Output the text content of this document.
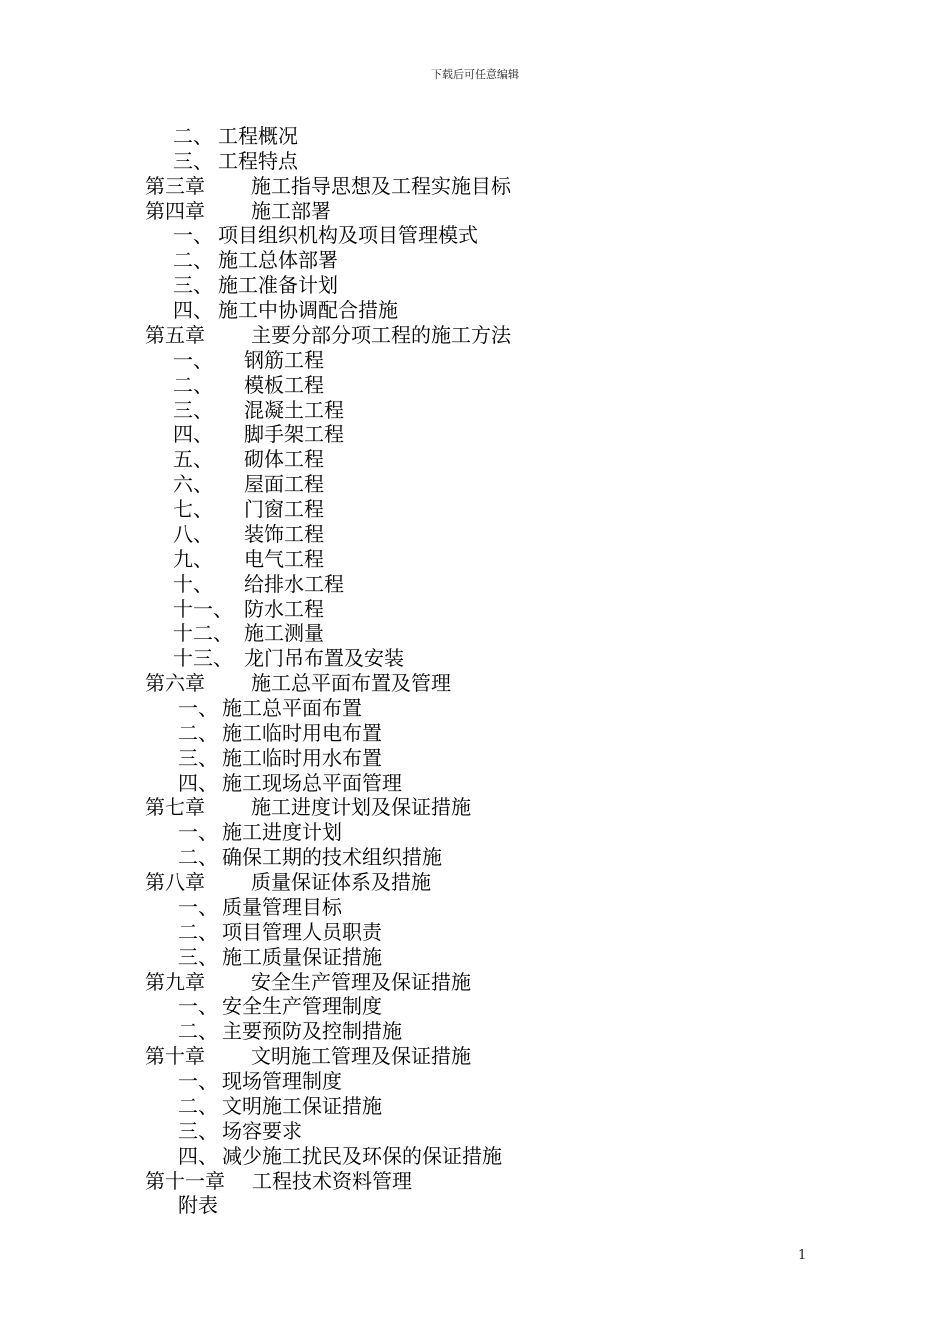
下载后可任意编辑
二、 工程概况
三、 工程特点
第三章 施工指导思想及工程实施目标
第四章 施工部署
一、 项目组织机构及项目管理模式
二、 施工总体部署
三、 施工准备计划
四、 施工中协调配合措施
第五章 主要分部分项工程的施工方法
一、 钢筋工程
二、 模板工程
三、 混凝土工程
四、 脚手架工程
五、 砌体工程
六、 屋面工程
七、 门窗工程
八、 装饰工程
九、 电气工程
十、 给排水工程
十一、 防水工程
十二、 施工测量
十三、 龙门吊布置及安装
第六章 施工总平面布置及管理
一、 施工总平面布置
二、 施工临时用电布置
三、 施工临时用水布置
四、 施工现场总平面管理
第七章 施工进度计划及保证措施
一、 施工进度计划
二、 确保工期的技术组织措施
第八章 质量保证体系及措施
一、 质量管理目标
二、 项目管理人员职责
三、 施工质量保证措施
第九章 安全生产管理及保证措施
一、 安全生产管理制度
二、 主要预防及控制措施
第十章 文明施工管理及保证措施
一、 现场管理制度
二、 文明施工保证措施
三、 场容要求
四、 减少施工扰民及环保的保证措施
第十一章 工程技术资料管理
附表
1
